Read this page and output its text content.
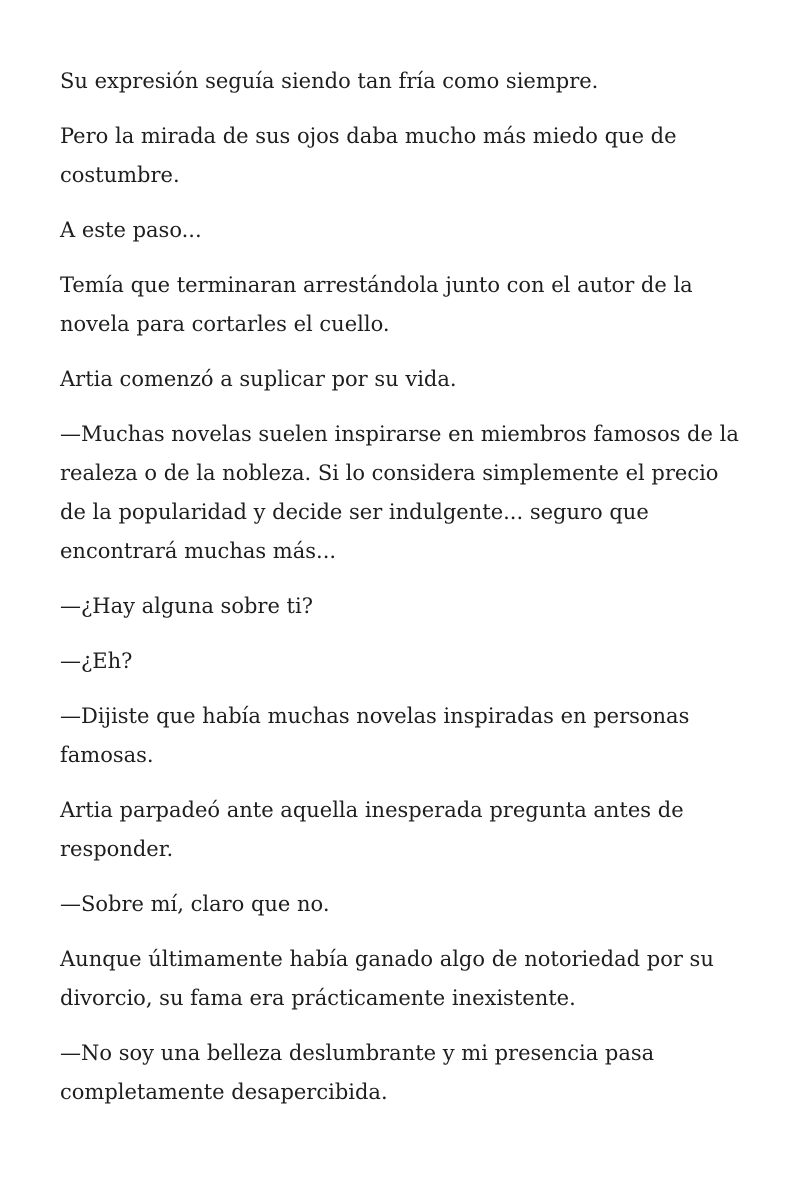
Su expresión seguía siendo tan fría como siempre.

Pero la mirada de sus ojos daba mucho más miedo que de costumbre.

A este paso...

Temía que terminaran arrestándola junto con el autor de la novela para cortarles el cuello.

Artia comenzó a suplicar por su vida.

—Muchas novelas suelen inspirarse en miembros famosos de la realeza o de la nobleza. Si lo considera simplemente el precio de la popularidad y decide ser indulgente... seguro que encontrará muchas más...

—¿Hay alguna sobre ti?

—¿Eh?

—Dijiste que había muchas novelas inspiradas en personas famosas.

Artia parpadeó ante aquella inesperada pregunta antes de responder.

—Sobre mí, claro que no.

Aunque últimamente había ganado algo de notoriedad por su divorcio, su fama era prácticamente inexistente.

—No soy una belleza deslumbrante y mi presencia pasa completamente desapercibida.
